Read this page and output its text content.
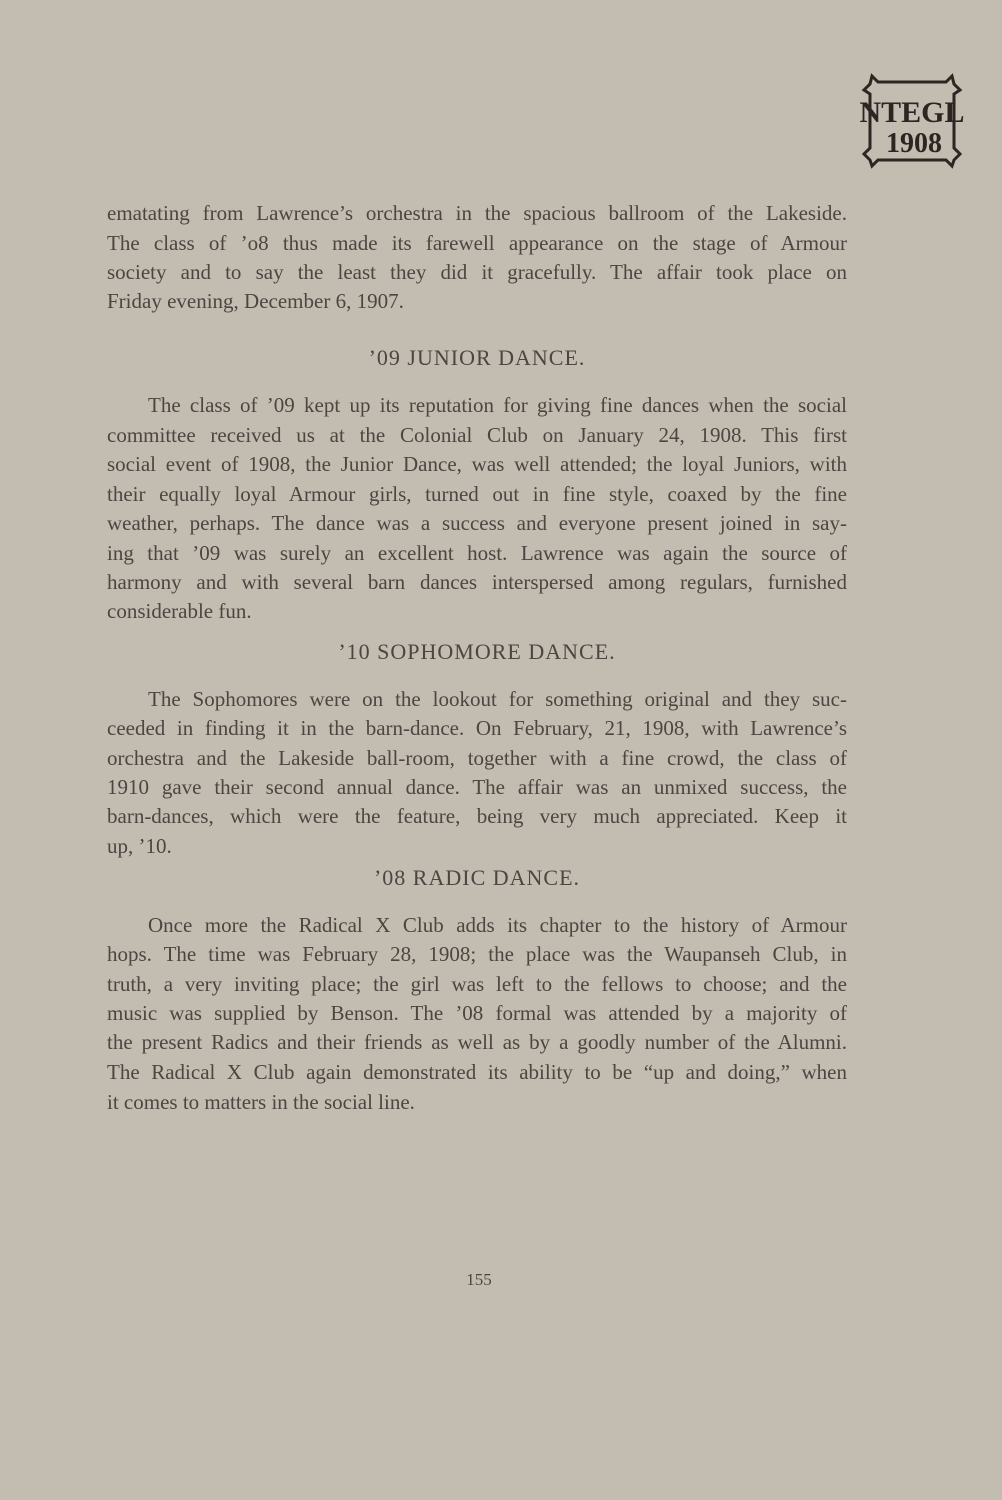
NTEGL
1908
ematating from Lawrence’s orchestra in the spacious ballroom of the Lakeside.
The class of ’o8 thus made its farewell appearance on the stage of Armour
society and to say the least they did it gracefully. The affair took place on
Friday evening, December 6, 1907.
’09 JUNIOR DANCE.
The class of ’09 kept up its reputation for giving fine dances when the social
committee received us at the Colonial Club on January 24, 1908. This first
social event of 1908, the Junior Dance, was well attended; the loyal Juniors, with
their equally loyal Armour girls, turned out in fine style, coaxed by the fine
weather, perhaps. The dance was a success and everyone present joined in say-
ing that ’09 was surely an excellent host. Lawrence was again the source of
harmony and with several barn dances interspersed among regulars, furnished
considerable fun.
’10 SOPHOMORE DANCE.
The Sophomores were on the lookout for something original and they suc-
ceeded in finding it in the barn-dance. On February, 21, 1908, with Lawrence’s
orchestra and the Lakeside ball-room, together with a fine crowd, the class of
1910 gave their second annual dance. The affair was an unmixed success, the
barn-dances, which were the feature, being very much appreciated. Keep it
up, ’10.
’08 RADIC DANCE.
Once more the Radical X Club adds its chapter to the history of Armour
hops. The time was February 28, 1908; the place was the Waupanseh Club, in
truth, a very inviting place; the girl was left to the fellows to choose; and the
music was supplied by Benson. The ’08 formal was attended by a majority of
the present Radics and their friends as well as by a goodly number of the Alumni.
The Radical X Club again demonstrated its ability to be “up and doing,” when
it comes to matters in the social line.
155
